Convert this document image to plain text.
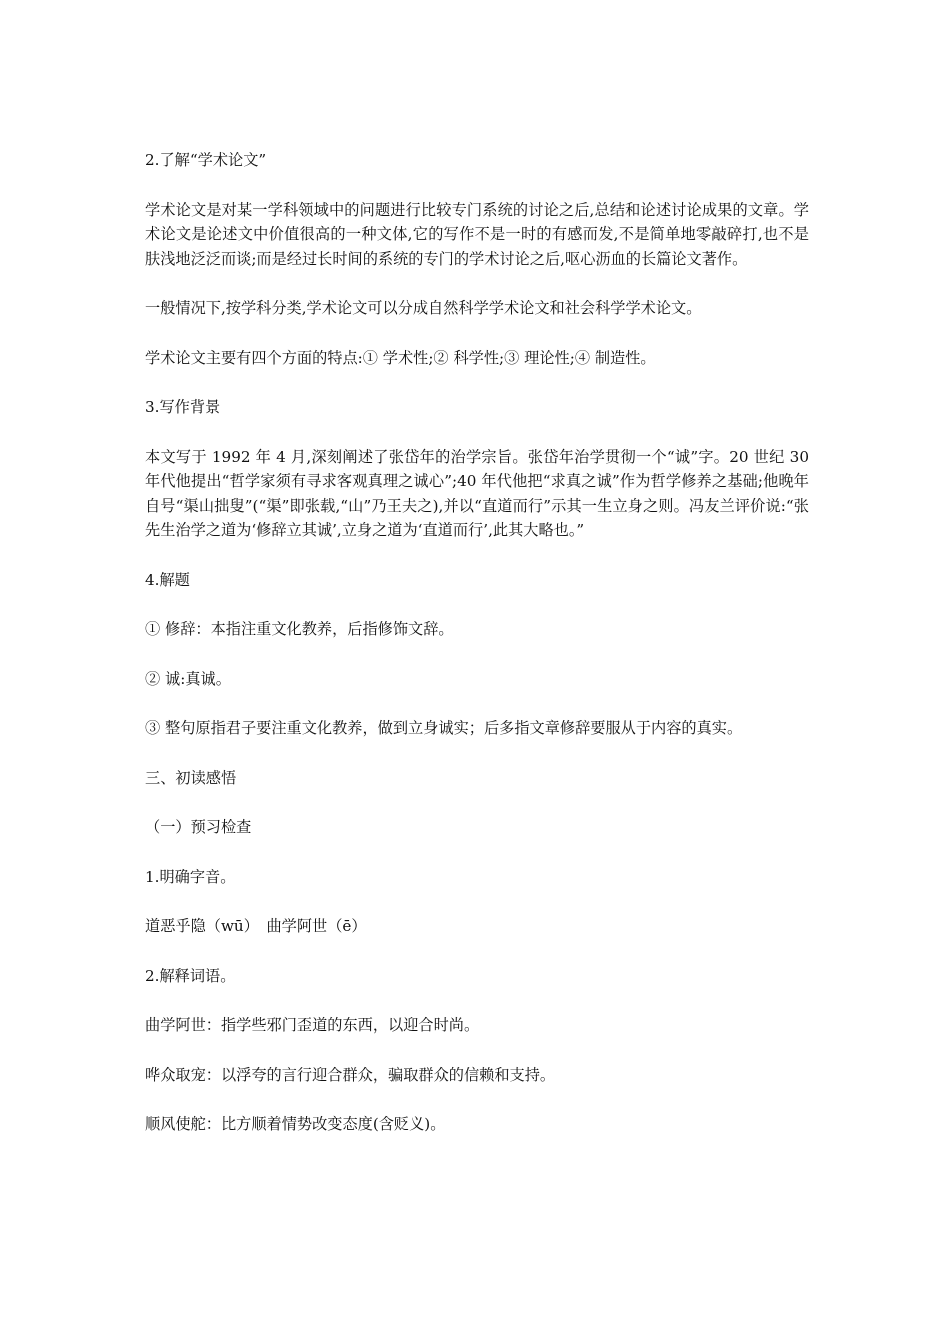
2.了解“学术论文”

学术论文是对某一学科领域中的问题进行比较专门系统的讨论之后,总结和论述讨论成果的文章。学术论文是论述文中价值很高的一种文体,它的写作不是一时的有感而发,不是简单地零敲碎打,也不是肤浅地泛泛而谈;而是经过长时间的系统的专门的学术讨论之后,呕心沥血的长篇论文著作。

一般情况下,按学科分类,学术论文可以分成自然科学学术论文和社会科学学术论文。

学术论文主要有四个方面的特点:① 学术性;② 科学性;③ 理论性;④ 制造性。

3.写作背景

本文写于 1992 年 4 月,深刻阐述了张岱年的治学宗旨。张岱年治学贯彻一个“诚”字。20 世纪 30 年代他提出“哲学家须有寻求客观真理之诚心”;40 年代他把“求真之诚”作为哲学修养之基础;他晚年自号“渠山拙叟”(“渠”即张载,“山”乃王夫之),并以“直道而行”示其一生立身之则。冯友兰评价说:“张先生治学之道为‘修辞立其诚’,立身之道为‘直道而行’,此其大略也。”

4.解题

① 修辞：本指注重文化教养，后指修饰文辞。

② 诚:真诚。

③ 整句原指君子要注重文化教养，做到立身诚实；后多指文章修辞要服从于内容的真实。

三、初读感悟

（一）预习检查

1.明确字音。

道恶乎隐（wū）　曲学阿世（ē）

2.解释词语。

曲学阿世：指学些邪门歪道的东西，以迎合时尚。

哗众取宠：以浮夸的言行迎合群众，骗取群众的信赖和支持。

顺风使舵：比方顺着情势改变态度(含贬义)。
